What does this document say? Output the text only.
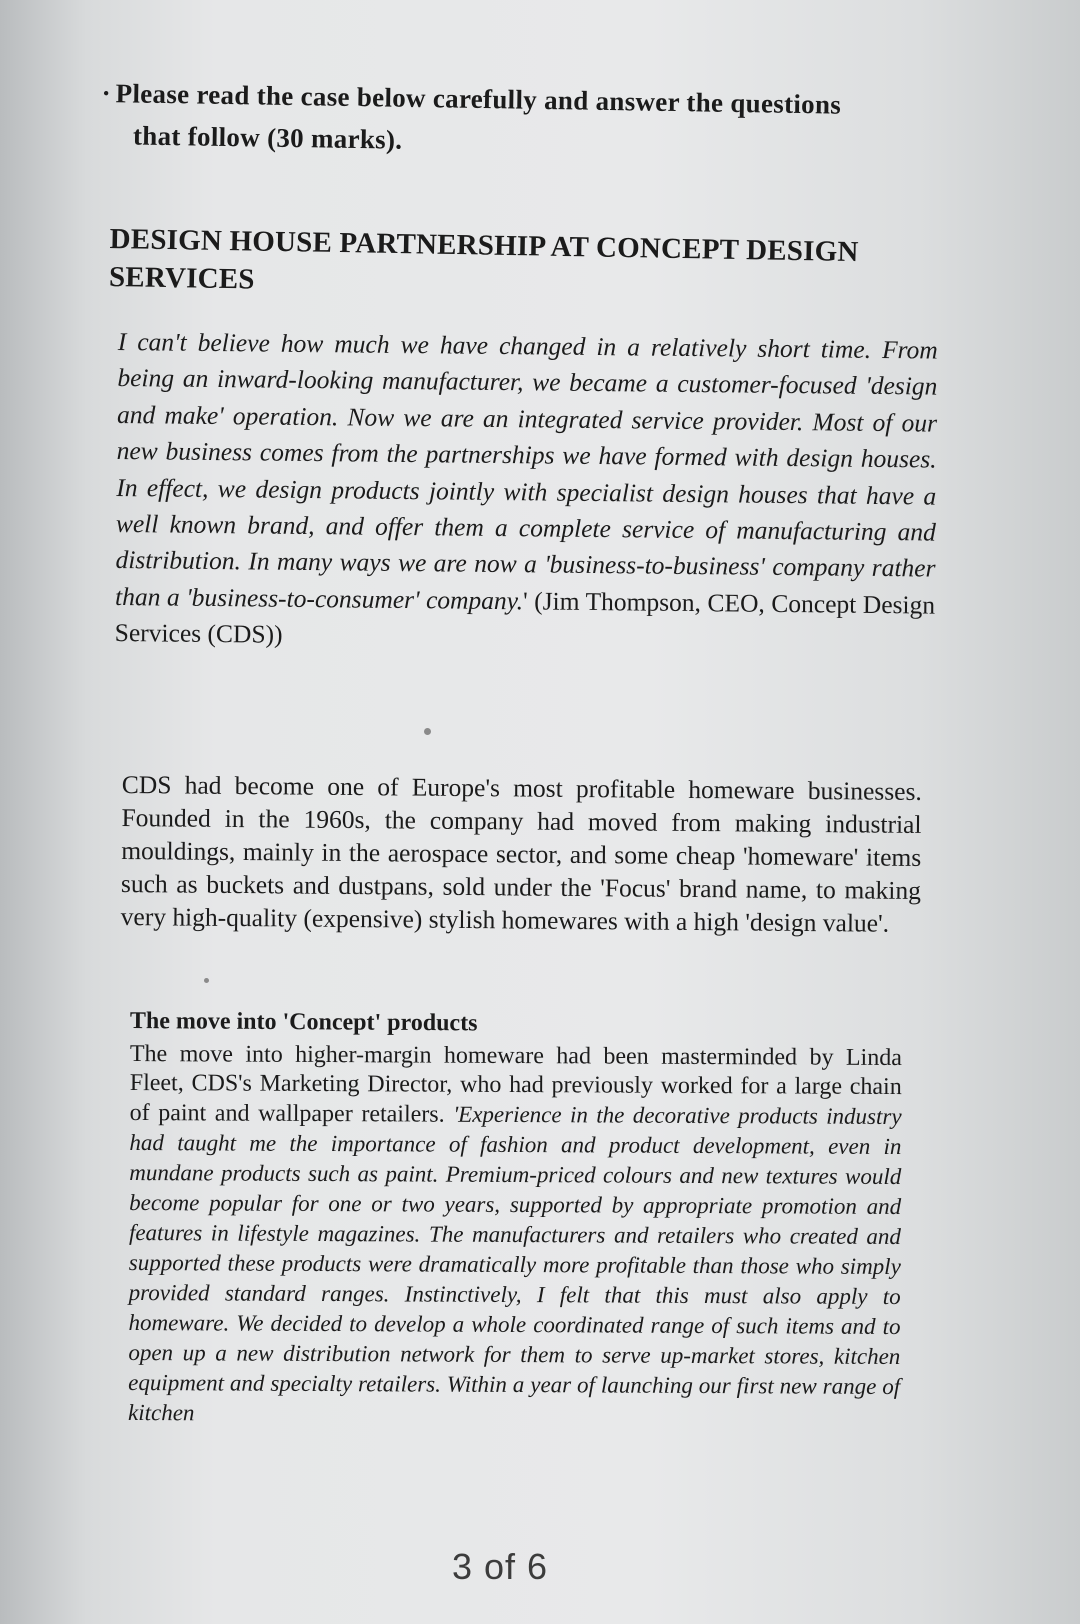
· Please read the case below carefully and answer the questions
that follow (30 marks).
DESIGN HOUSE PARTNERSHIP AT CONCEPT DESIGN SERVICES
I can't believe how much we have changed in a relatively short time. From being an inward-looking manufacturer, we became a customer-focused 'design and make' operation. Now we are an integrated service provider. Most of our new business comes from the partnerships we have formed with design houses. In effect, we design products jointly with specialist design houses that have a well known brand, and offer them a complete service of manufacturing and distribution. In many ways we are now a 'business-to-business' company rather than a 'business-to-consumer' company.' (Jim Thompson, CEO, Concept Design Services (CDS))
CDS had become one of Europe's most profitable homeware businesses. Founded in the 1960s, the company had moved from making industrial mouldings, mainly in the aerospace sector, and some cheap 'homeware' items such as buckets and dustpans, sold under the 'Focus' brand name, to making very high-quality (expensive) stylish homewares with a high 'design value'.
The move into 'Concept' products
The move into higher-margin homeware had been masterminded by Linda Fleet, CDS's Marketing Director, who had previously worked for a large chain of paint and wallpaper retailers. 'Experience in the decorative products industry had taught me the importance of fashion and product development, even in mundane products such as paint. Premium-priced colours and new textures would become popular for one or two years, supported by appropriate promotion and features in lifestyle magazines. The manufacturers and retailers who created and supported these products were dramatically more profitable than those who simply provided standard ranges. Instinctively, I felt that this must also apply to homeware. We decided to develop a whole coordinated range of such items and to open up a new distribution network for them to serve up-market stores, kitchen equipment and specialty retailers. Within a year of launching our first new range of kitchen
3 of 6
